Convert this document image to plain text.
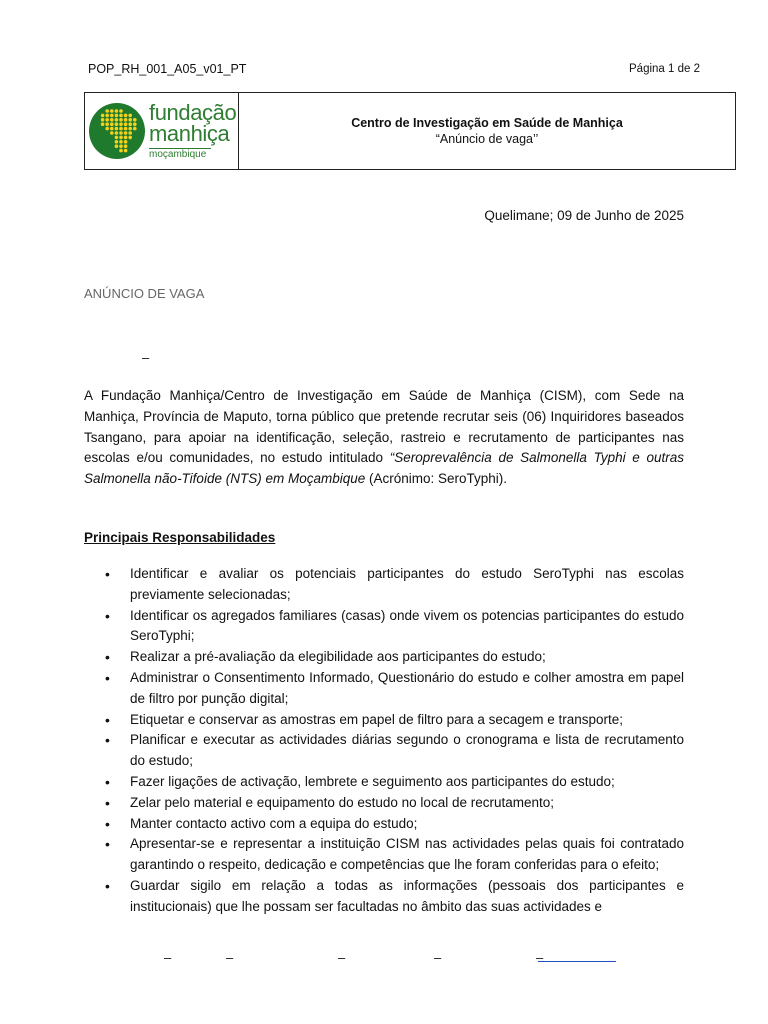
POP_RH_001_A05_v01_PT	Página 1 de 2
fundação
manhiça
moçambique
Centro de Investigação em Saúde de Manhiça
“Anúncio de vaga’’
Quelimane; 09 de Junho de 2025
ANÚNCIO DE VAGA
–

A Fundação Manhiça/Centro de Investigação em Saúde de Manhiça (CISM), com Sede na Manhiça, Província de Maputo, torna público que pretende recrutar seis (06) Inquiridores baseados Tsangano, para apoiar na identificação, seleção, rastreio e recrutamento de participantes nas escolas e/ou comunidades, no estudo intitulado “Seroprevalência de Salmonella Typhi e outras Salmonella não-Tifoide (NTS) em Moçambique (Acrónimo: SeroTyphi).

Principais Responsabilidades
• Identificar e avaliar os potenciais participantes do estudo SeroTyphi nas escolas previamente selecionadas;
• Identificar os agregados familiares (casas) onde vivem os potencias participantes do estudo SeroTyphi;
• Realizar a pré-avaliação da elegibilidade aos participantes do estudo;
• Administrar o Consentimento Informado, Questionário do estudo e colher amostra em papel de filtro por punção digital;
• Etiquetar e conservar as amostras em papel de filtro para a secagem e transporte;
• Planificar e executar as actividades diárias segundo o cronograma e lista de recrutamento do estudo;
• Fazer ligações de activação, lembrete e seguimento aos participantes do estudo;
• Zelar pelo material e equipamento do estudo no local de recrutamento;
• Manter contacto activo com a equipa do estudo;
• Apresentar-se e representar a instituição CISM nas actividades pelas quais foi contratado garantindo o respeito, dedicação e competências que lhe foram conferidas para o efeito;
• Guardar sigilo em relação a todas as informações (pessoais dos participantes e institucionais) que lhe possam ser facultadas no âmbito das suas actividades e
–	–	–	–	–
